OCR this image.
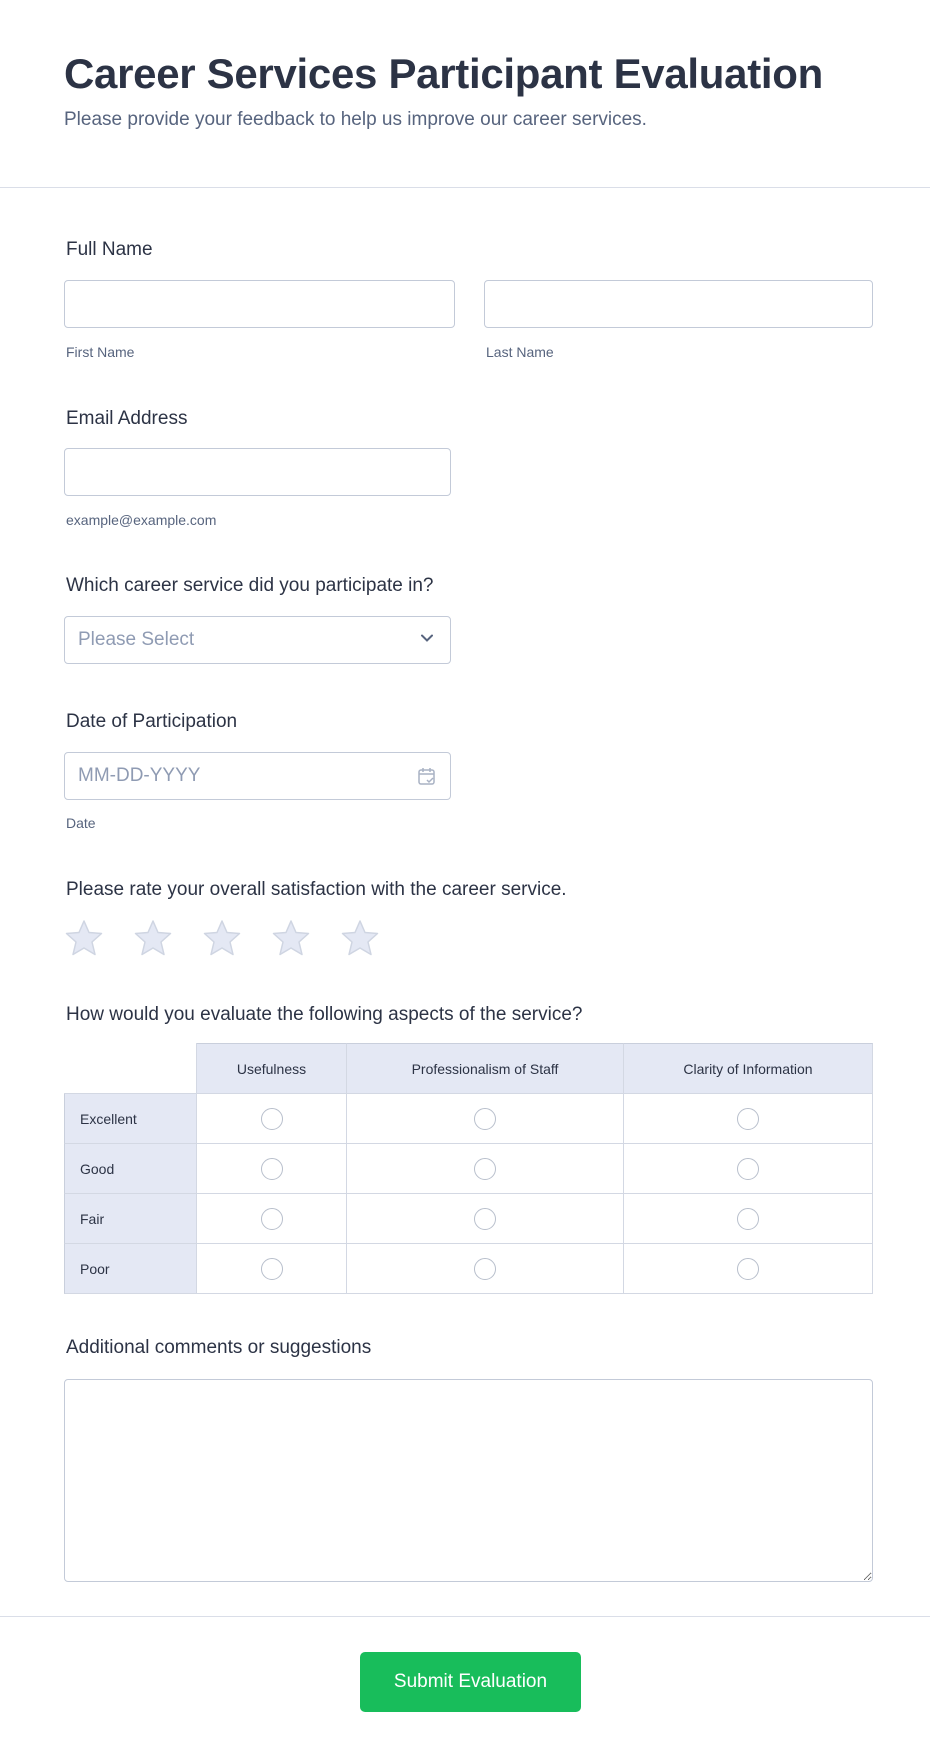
Career Services Participant Evaluation
Please provide your feedback to help us improve our career services.
Full Name
First Name	Last Name
Email Address
example@example.com
Which career service did you participate in?
Please Select
Date of Participation
MM-DD-YYYY
Date
Please rate your overall satisfaction with the career service.
How would you evaluate the following aspects of the service?
	Usefulness	Professionalism of Staff	Clarity of Information
Excellent			
Good			
Fair			
Poor			
Additional comments or suggestions
Submit Evaluation
